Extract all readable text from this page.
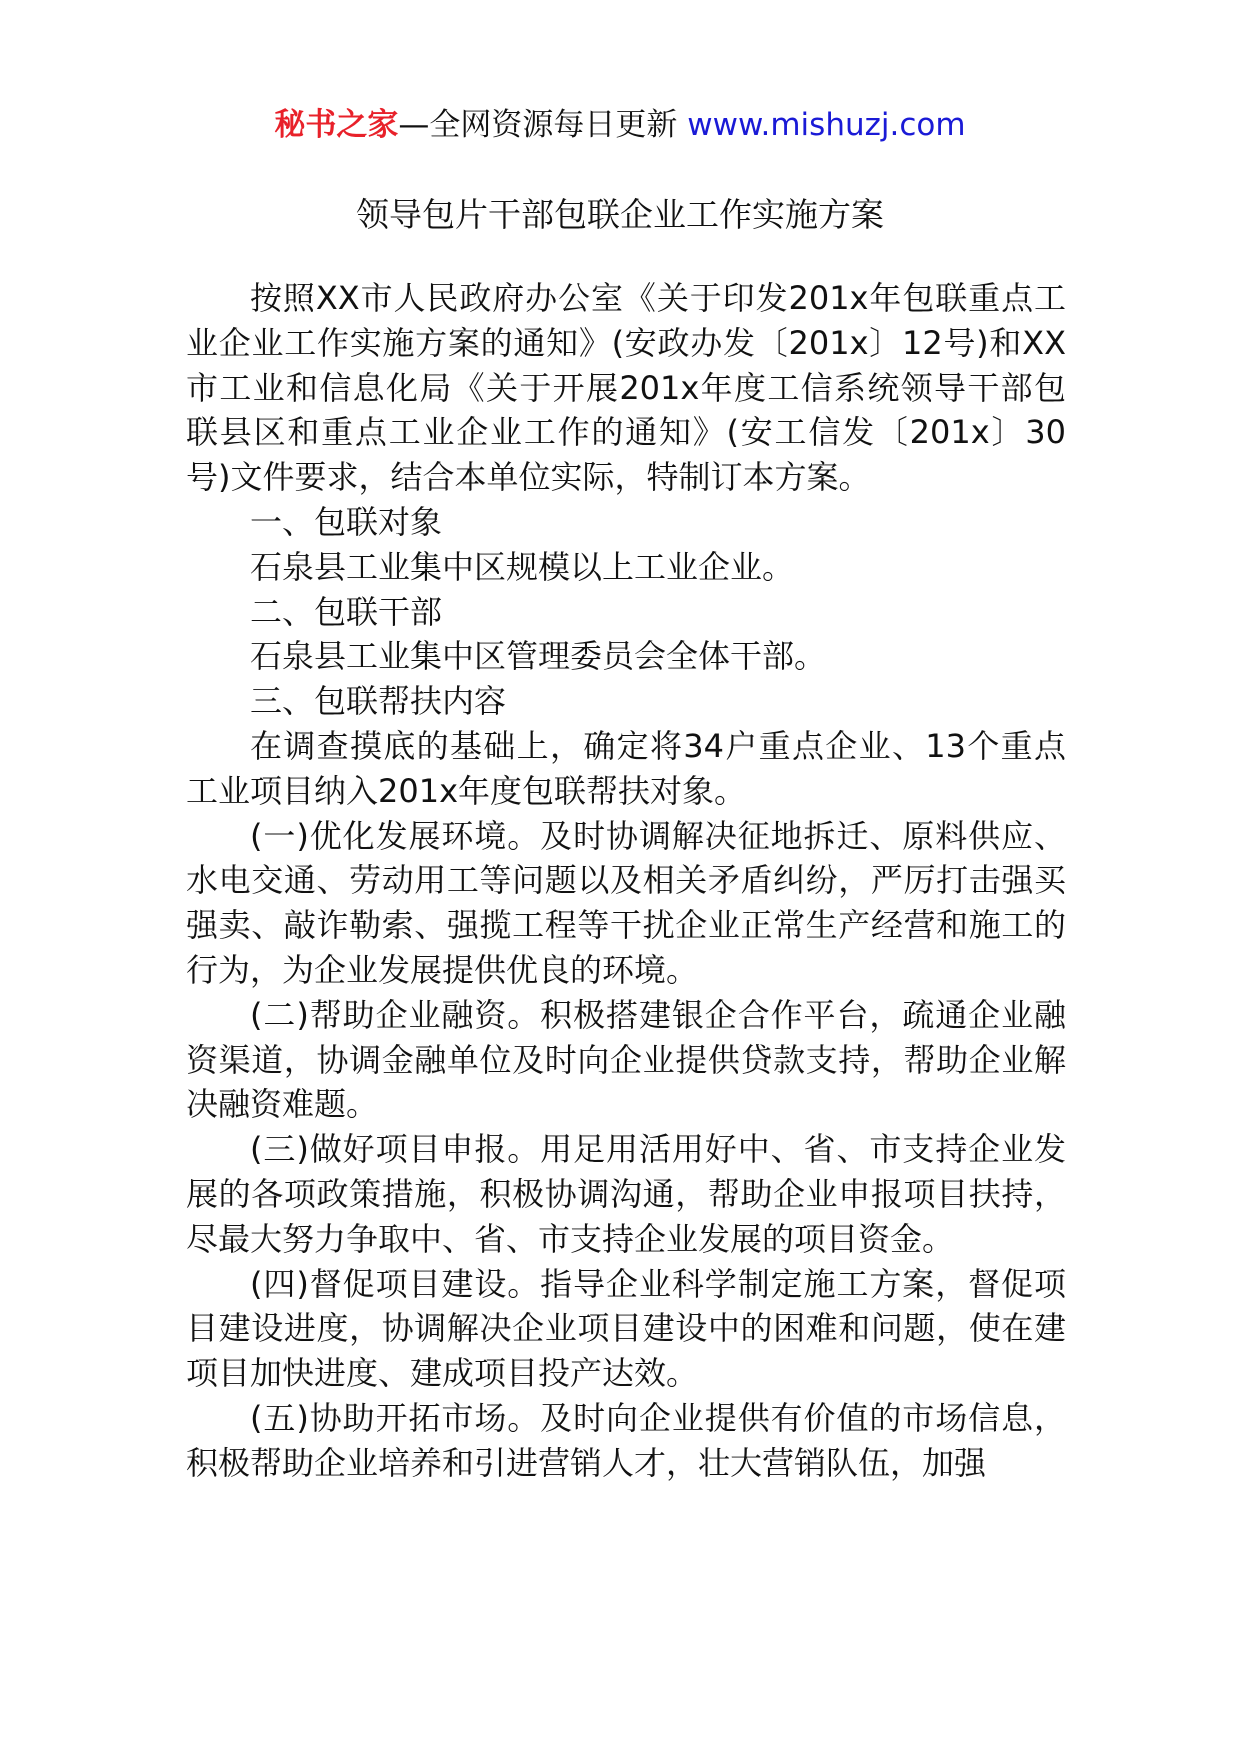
秘书之家—全网资源每日更新 www.mishuzj.com
领导包片干部包联企业工作实施方案

按照XX市人民政府办公室《关于印发201x年包联重点工业企业工作实施方案的通知》(安政办发〔201x〕12号)和XX市工业和信息化局《关于开展201x年度工信系统领导干部包联县区和重点工业企业工作的通知》(安工信发〔201x〕30号)文件要求，结合本单位实际，特制订本方案。

一、包联对象

石泉县工业集中区规模以上工业企业。

二、包联干部

石泉县工业集中区管理委员会全体干部。

三、包联帮扶内容

在调查摸底的基础上，确定将34户重点企业、13个重点工业项目纳入201x年度包联帮扶对象。

(一)优化发展环境。及时协调解决征地拆迁、原料供应、水电交通、劳动用工等问题以及相关矛盾纠纷，严厉打击强买强卖、敲诈勒索、强揽工程等干扰企业正常生产经营和施工的行为，为企业发展提供优良的环境。

(二)帮助企业融资。积极搭建银企合作平台，疏通企业融资渠道，协调金融单位及时向企业提供贷款支持，帮助企业解决融资难题。

(三)做好项目申报。用足用活用好中、省、市支持企业发展的各项政策措施，积极协调沟通，帮助企业申报项目扶持，尽最大努力争取中、省、市支持企业发展的项目资金。

(四)督促项目建设。指导企业科学制定施工方案，督促项目建设进度，协调解决企业项目建设中的困难和问题，使在建项目加快进度、建成项目投产达效。

(五)协助开拓市场。及时向企业提供有价值的市场信息，积极帮助企业培养和引进营销人才，壮大营销队伍，加强
